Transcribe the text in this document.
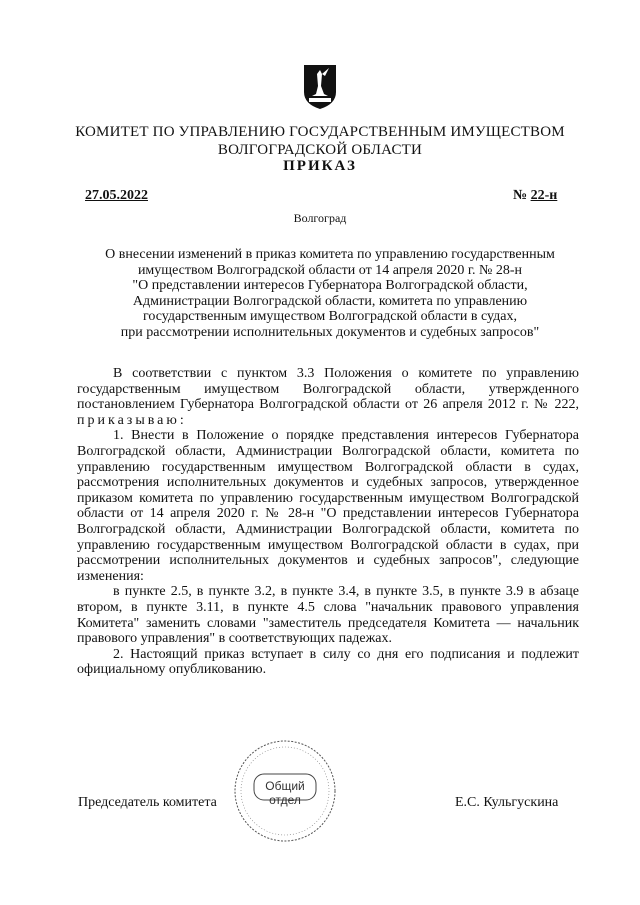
КОМИТЕТ ПО УПРАВЛЕНИЮ ГОСУДАРСТВЕННЫМ ИМУЩЕСТВОМ
ВОЛГОГРАДСКОЙ ОБЛАСТИ
ПРИКАЗ
27.05.2022	№ 22-н
Волгоград
О внесении изменений в приказ комитета по управлению государственным
имуществом Волгоградской области от 14 апреля 2020 г. № 28-н
"О представлении интересов Губернатора Волгоградской области,
Администрации Волгоградской области, комитета по управлению
государственным имуществом Волгоградской области в судах,
при рассмотрении исполнительных документов и судебных запросов"

В соответствии с пунктом 3.3 Положения о комитете по управлению государственным имуществом Волгоградской области, утвержденного постановлением Губернатора Волгоградской области от 26 апреля 2012 г. № 222, приказываю:

1. Внести в Положение о порядке представления интересов Губернатора Волгоградской области, Администрации Волгоградской области, комитета по управлению государственным имуществом Волгоградской области в судах, рассмотрения исполнительных документов и судебных запросов, утвержденное приказом комитета по управлению государственным имуществом Волгоградской области от 14 апреля 2020 г. № 28-н "О представлении интересов Губернатора Волгоградской области, Администрации Волгоградской области, комитета по управлению государственным имуществом Волгоградской области в судах, при рассмотрении исполнительных документов и судебных запросов", следующие изменения:

в пункте 2.5, в пункте 3.2, в пункте 3.4, в пункте 3.5, в пункте 3.9 в абзаце втором, в пункте 3.11, в пункте 4.5 слова "начальник правового управления Комитета" заменить словами "заместитель председателя Комитета — начальник правового управления" в соответствующих падежах.

2. Настоящий приказ вступает в силу со дня его подписания и подлежит официальному опубликованию.

Председатель комитета	Е.С. Кульгускина
Общий отдел
